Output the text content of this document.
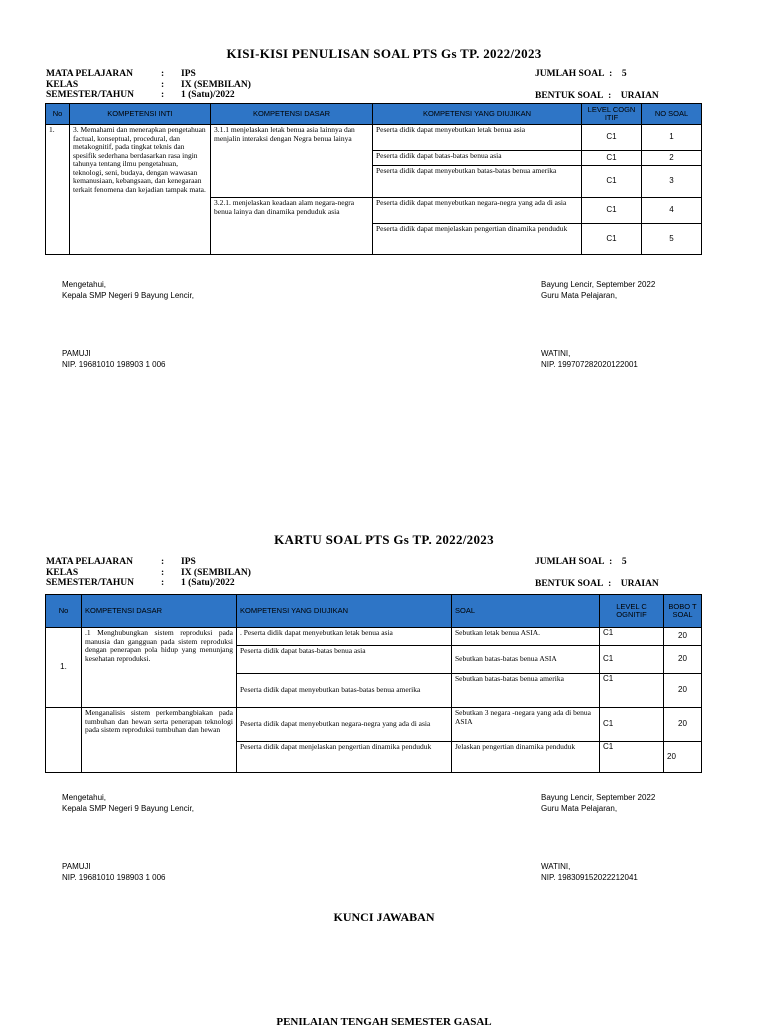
KISI-KISI PENULISAN SOAL PTS Gs TP. 2022/2023
MATA PELAJARAN	:	IPS
KELAS	:	IX (SEMBILAN)
SEMESTER/TAHUN	:	1 (Satu)/2022
JUMLAH SOAL : 5
BENTUK SOAL : URAIAN
No	KOMPETENSI INTI	KOMPETENSI DASAR	KOMPETENSI YANG DIUJIKAN	LEVEL COGN ITIF	NO SOAL
1.	3. Memahami dan menerapkan pengetahuan factual, konseptual, procedural, dan metakognitif, pada tingkat teknis dan spesifik sederhana berdasarkan rasa ingin tahunya tentang ilmu pengetahuan, teknologi, seni, budaya, dengan wawasan kemanusiaan, kebangsaan, dan kenegaraan terkait fenomena dan kejadian tampak mata.	3.1.1 menjelaskan letak benua asia lainnya dan menjalin interaksi dengan Negra benua lainya	Peserta didik dapat menyebutkan letak benua asia	C1	1
			Peserta didik dapat batas-batas benua asia	C1	2
			Peserta didik dapat menyebutkan batas-batas benua amerika	C1	3
		3.2.1. menjelaskan keadaan alam negara-negra benua lainya dan dinamika penduduk asia	Peserta didik dapat menyebutkan negara-negra yang ada di asia	C1	4
			Peserta didik dapat menjelaskan pengertian dinamika penduduk	C1	5
Mengetahui,
Kepala SMP Negeri 9 Bayung Lencir,
Bayung Lencir, September 2022
Guru Mata Pelajaran,
PAMUJI
NIP. 19681010 198903 1 006
WATINI,
NIP. 199707282020122001
KARTU SOAL PTS Gs TP. 2022/2023
MATA PELAJARAN	:	IPS
KELAS	:	IX (SEMBILAN)
SEMESTER/TAHUN	:	1 (Satu)/2022
JUMLAH SOAL : 5
BENTUK SOAL : URAIAN
No	KOMPETENSI DASAR	KOMPETENSI YANG DIUJIKAN	SOAL	LEVEL C OGNITIF	BOBO T SOAL
1.	.1 Menghubungkan sistem reproduksi pada manusia dan gangguan pada sistem reproduksi dengan penerapan pola hidup yang menunjang kesehatan reproduksi.	. Peserta didik dapat menyebutkan letak benua asia	Sebutkan letak benua ASIA.	C1	20
		Peserta didik dapat batas-batas benua asia	Sebutkan batas-batas benua ASIA	C1	20
		Peserta didik dapat menyebutkan batas-batas benua amerika	Sebutkan batas-batas benua amerika	C1	20
	Menganalisis sistem perkembangbiakan pada tumbuhan dan hewan serta penerapan teknologi pada sistem reproduksi tumbuhan dan hewan	Peserta didik dapat menyebutkan negara-negra yang ada di asia	Sebutkan 3 negara -negara yang ada di benua ASIA	C1	20
		Peserta didik dapat menjelaskan pengertian dinamika penduduk	Jelaskan pengertian dinamika penduduk	C1	20
Mengetahui,
Kepala SMP Negeri 9 Bayung Lencir,
Bayung Lencir, September 2022
Guru Mata Pelajaran,
PAMUJI
NIP. 19681010 198903 1 006
WATINI,
NIP. 198309152022212041
KUNCI JAWABAN
PENILAIAN TENGAH SEMESTER GASAL
